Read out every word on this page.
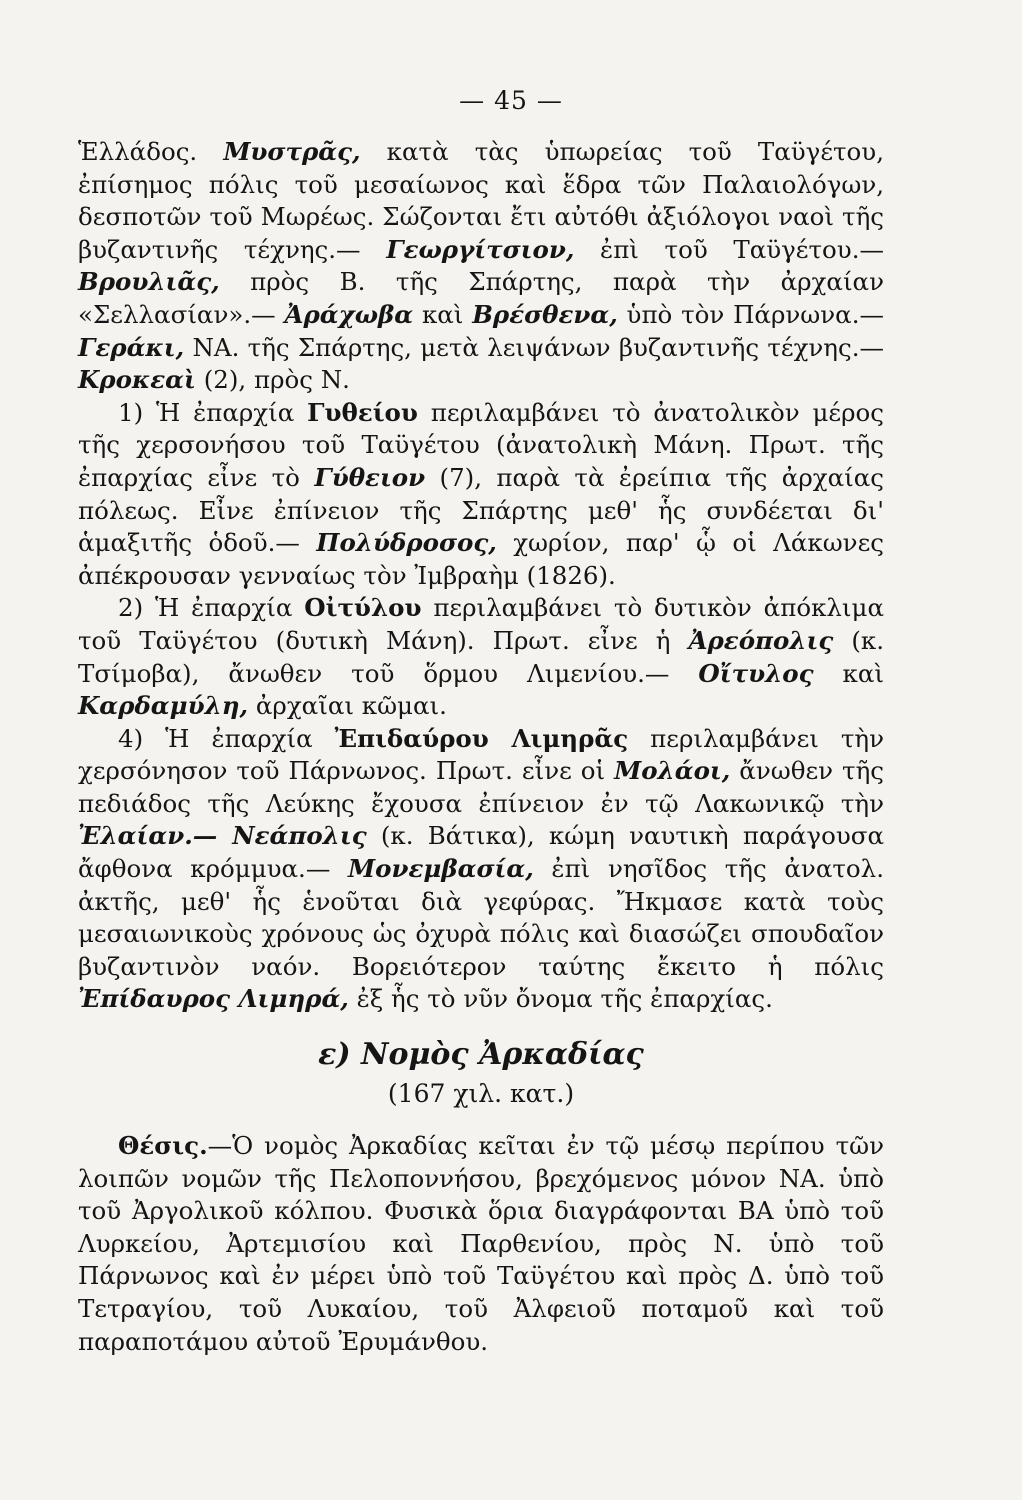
— 45 —

Ἑλλάδος. Μυστρᾶς, κατὰ τὰς ὑπωρείας τοῦ Ταϋγέτου, ἐπίσημος πόλις τοῦ μεσαίωνος καὶ ἕδρα τῶν Παλαιολόγων, δεσποτῶν τοῦ Μωρέως. Σώζονται ἔτι αὐτόθι ἀξιόλογοι ναοὶ τῆς βυζαντινῆς τέχνης.— Γεωργίτσιον, ἐπὶ τοῦ Ταϋγέτου.—Βρουλιᾶς, πρὸς Β. τῆς Σπάρτης, παρὰ τὴν ἀρχαίαν «Σελλασίαν».— Ἀράχωβα καὶ Βρέσθενα, ὑπὸ τὸν Πάρνωνα.— Γεράκι, ΝΑ. τῆς Σπάρτης, μετὰ λειψάνων βυζαντινῆς τέχνης.— Κροκεαὶ (2), πρὸς Ν.

1) Ἡ ἐπαρχία Γυθείου περιλαμβάνει τὸ ἀνατολικὸν μέρος τῆς χερσονήσου τοῦ Ταϋγέτου (ἀνατολικὴ Μάνη. Πρωτ. τῆς ἐπαρχίας εἶνε τὸ Γύθειον (7), παρὰ τὰ ἐρείπια τῆς ἀρχαίας πόλεως. Εἶνε ἐπίνειον τῆς Σπάρτης μεθ' ἧς συνδέεται δι' ἁμαξιτῆς ὁδοῦ.— Πολύδροσος, χωρίον, παρ' ᾧ οἱ Λάκωνες ἀπέκρουσαν γενναίως τὸν Ἰμβραὴμ (1826).

2) Ἡ ἐπαρχία Οἰτύλου περιλαμβάνει τὸ δυτικὸν ἀπόκλιμα τοῦ Ταϋγέτου (δυτικὴ Μάνη). Πρωτ. εἶνε ἡ Ἀρεόπολις (κ. Τσίμοβα), ἄνωθεν τοῦ ὅρμου Λιμενίου.— Οἴτυλος καὶ Καρδαμύλη, ἀρχαῖαι κῶμαι.

4) Ἡ ἐπαρχία Ἐπιδαύρου Λιμηρᾶς περιλαμβάνει τὴν χερσόνησον τοῦ Πάρνωνος. Πρωτ. εἶνε οἱ Μολάοι, ἄνωθεν τῆς πεδιάδος τῆς Λεύκης ἔχουσα ἐπίνειον ἐν τῷ Λακωνικῷ τὴν Ἐλαίαν.— Νεάπολις (κ. Βάτικα), κώμη ναυτικὴ παράγουσα ἄφθονα κρόμμυα.— Μονεμβασία, ἐπὶ νησῖδος τῆς ἀνατολ. ἀκτῆς, μεθ' ἧς ἑνοῦται διὰ γεφύρας. Ἤκμασε κατὰ τοὺς μεσαιωνικοὺς χρόνους ὡς ὀχυρὰ πόλις καὶ διασώζει σπουδαῖον βυζαντινὸν ναόν. Βορειότερον ταύτης ἔκειτο ἡ πόλις Ἐπίδαυρος Λιμηρά, ἐξ ἧς τὸ νῦν ὄνομα τῆς ἐπαρχίας.

ε) Νομὸς Ἀρκαδίας
(167 χιλ. κατ.)

Θέσις.—Ὁ νομὸς Ἀρκαδίας κεῖται ἐν τῷ μέσῳ περίπου τῶν λοιπῶν νομῶν τῆς Πελοποννήσου, βρεχόμενος μόνον ΝΑ. ὑπὸ τοῦ Ἀργολικοῦ κόλπου. Φυσικὰ ὅρια διαγράφονται ΒΑ ὑπὸ τοῦ Λυρκείου, Ἀρτεμισίου καὶ Παρθενίου, πρὸς Ν. ὑπὸ τοῦ Πάρνωνος καὶ ἐν μέρει ὑπὸ τοῦ Ταϋγέτου καὶ πρὸς Δ. ὑπὸ τοῦ Τετραγίου, τοῦ Λυκαίου, τοῦ Ἀλφειοῦ ποταμοῦ καὶ τοῦ παραποτάμου αὐτοῦ Ἐρυμάνθου.
